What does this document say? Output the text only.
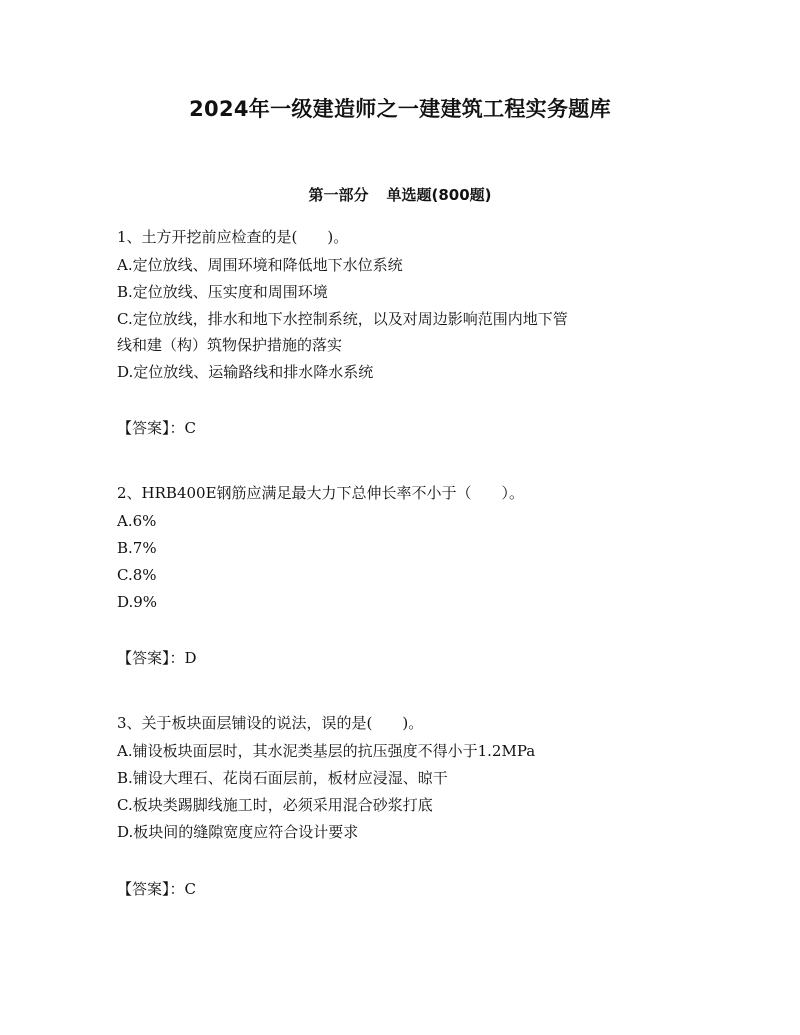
2024年一级建造师之一建建筑工程实务题库
第一部分 单选题(800题)
1、土方开挖前应检查的是(　　)。
A.定位放线、周围环境和降低地下水位系统
B.定位放线、压实度和周围环境
C.定位放线，排水和地下水控制系统，以及对周边影响范围内地下管
线和建（构）筑物保护措施的落实
D.定位放线、运输路线和排水降水系统
【答案】：C
2、HRB400E钢筋应满足最大力下总伸长率不小于（　　）。
A.6%
B.7%
C.8%
D.9%
【答案】：D
3、关于板块面层铺设的说法，误的是(　　)。
A.铺设板块面层时，其水泥类基层的抗压强度不得小于1.2MPa
B.铺设大理石、花岗石面层前，板材应浸湿、晾干
C.板块类踢脚线施工时，必须采用混合砂浆打底
D.板块间的缝隙宽度应符合设计要求
【答案】：C
